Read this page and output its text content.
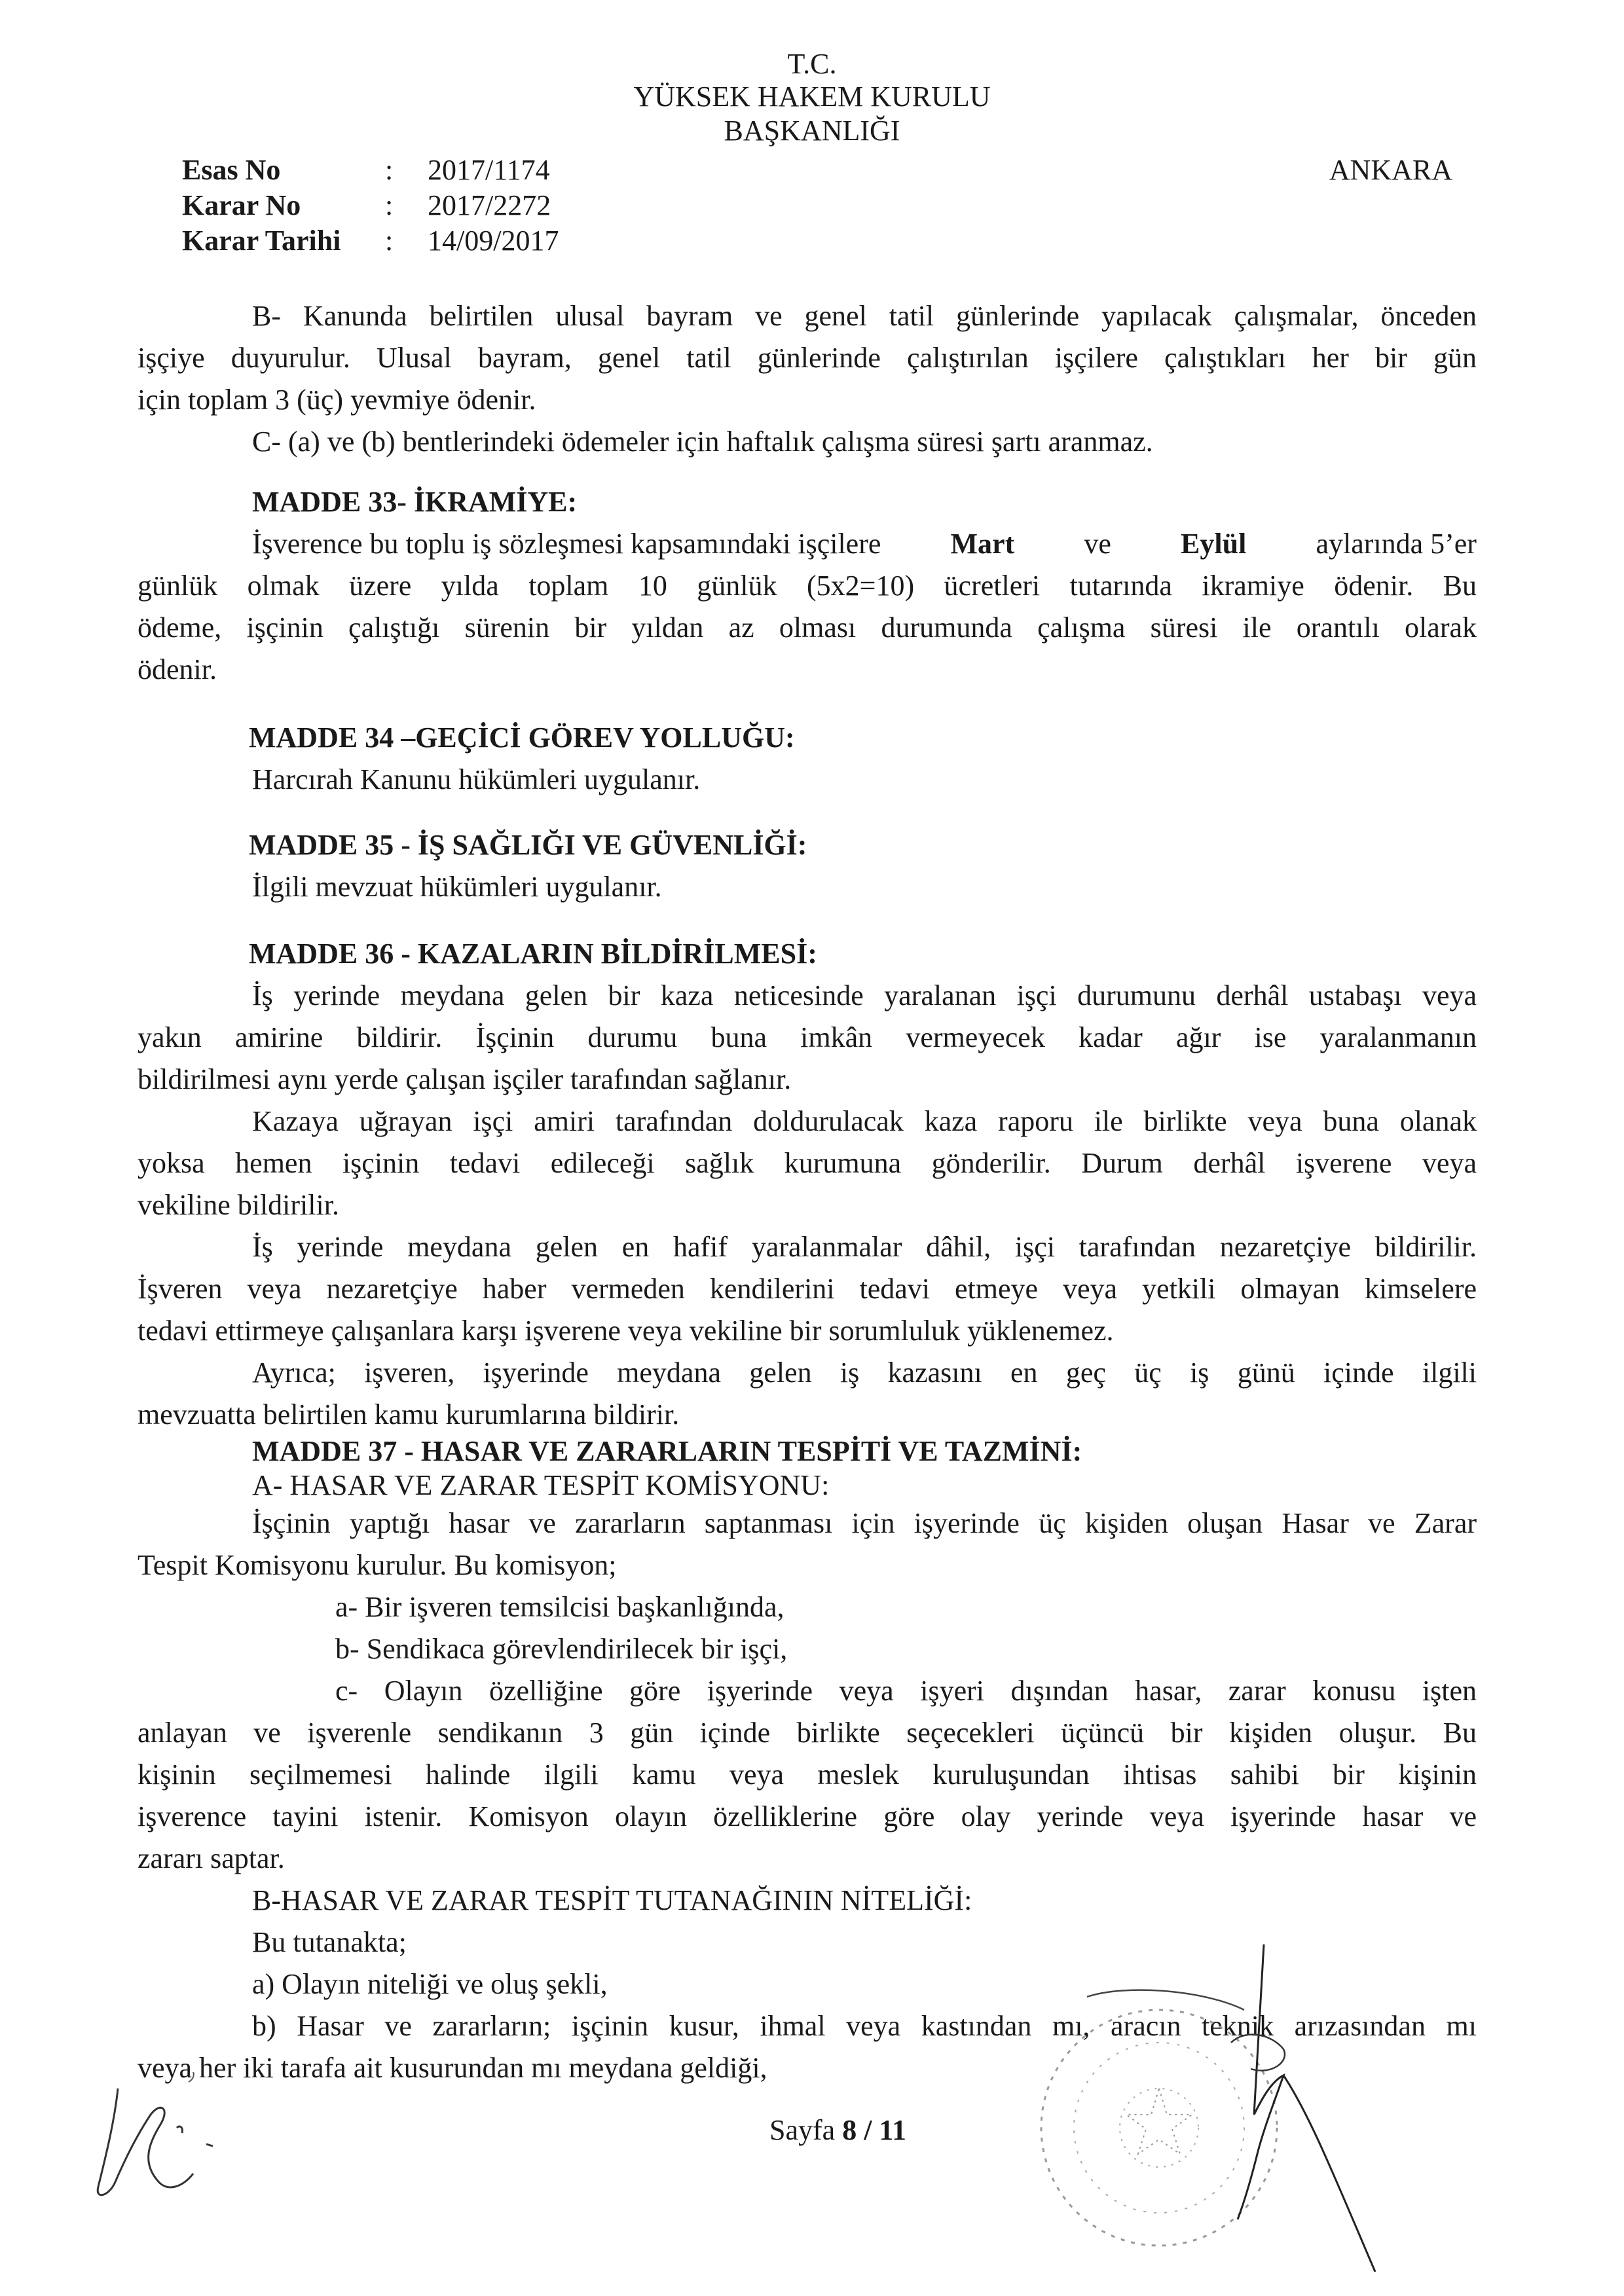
T.C.
YÜKSEK HAKEM KURULU
BAŞKANLIĞI
ANKARA
Esas No	: 2017/1174
Karar No	: 2017/2272
Karar Tarihi : 14/09/2017
B- Kanunda belirtilen ulusal bayram ve genel tatil günlerinde yapılacak çalışmalar, önceden
işçiye duyurulur. Ulusal bayram, genel tatil günlerinde çalıştırılan işçilere çalıştıkları her bir gün
için toplam 3 (üç) yevmiye ödenir.
C- (a) ve (b) bentlerindeki ödemeler için haftalık çalışma süresi şartı aranmaz.
MADDE 33- İKRAMİYE:
İşverence bu toplu iş sözleşmesi kapsamındaki işçilere Mart ve Eylül aylarında 5’er
günlük olmak üzere yılda toplam 10 günlük (5x2=10) ücretleri tutarında ikramiye ödenir. Bu
ödeme, işçinin çalıştığı sürenin bir yıldan az olması durumunda çalışma süresi ile orantılı olarak
ödenir.
MADDE 34 –GEÇİCİ GÖREV YOLLUĞU:
Harcırah Kanunu hükümleri uygulanır.
MADDE 35 - İŞ SAĞLIĞI VE GÜVENLİĞİ:
İlgili mevzuat hükümleri uygulanır.
MADDE 36 - KAZALARIN BİLDİRİLMESİ:
İş yerinde meydana gelen bir kaza neticesinde yaralanan işçi durumunu derhâl ustabaşı veya
yakın amirine bildirir. İşçinin durumu buna imkân vermeyecek kadar ağır ise yaralanmanın
bildirilmesi aynı yerde çalışan işçiler tarafından sağlanır.
Kazaya uğrayan işçi amiri tarafından doldurulacak kaza raporu ile birlikte veya buna olanak
yoksa hemen işçinin tedavi edileceği sağlık kurumuna gönderilir. Durum derhâl işverene veya
vekiline bildirilir.
İş yerinde meydana gelen en hafif yaralanmalar dâhil, işçi tarafından nezaretçiye bildirilir.
İşveren veya nezaretçiye haber vermeden kendilerini tedavi etmeye veya yetkili olmayan kimselere
tedavi ettirmeye çalışanlara karşı işverene veya vekiline bir sorumluluk yüklenemez.
Ayrıca; işveren, işyerinde meydana gelen iş kazasını en geç üç iş günü içinde ilgili
mevzuatta belirtilen kamu kurumlarına bildirir.
MADDE 37 - HASAR VE ZARARLARIN TESPİTİ VE TAZMİNİ:
A- HASAR VE ZARAR TESPİT KOMİSYONU:
İşçinin yaptığı hasar ve zararların saptanması için işyerinde üç kişiden oluşan Hasar ve Zarar
Tespit Komisyonu kurulur. Bu komisyon;
a- Bir işveren temsilcisi başkanlığında,
b- Sendikaca görevlendirilecek bir işçi,
c- Olayın özelliğine göre işyerinde veya işyeri dışından hasar, zarar konusu işten
anlayan ve işverenle sendikanın 3 gün içinde birlikte seçecekleri üçüncü bir kişiden oluşur. Bu
kişinin seçilmemesi halinde ilgili kamu veya meslek kuruluşundan ihtisas sahibi bir kişinin
işverence tayini istenir. Komisyon olayın özelliklerine göre olay yerinde veya işyerinde hasar ve
zararı saptar.
B-HASAR VE ZARAR TESPİT TUTANAĞININ NİTELİĞİ:
Bu tutanakta;
a) Olayın niteliği ve oluş şekli,
b) Hasar ve zararların; işçinin kusur, ihmal veya kastından mı, aracın teknik arızasından mı
veya her iki tarafa ait kusurundan mı meydana geldiği,
Sayfa 8 / 11
